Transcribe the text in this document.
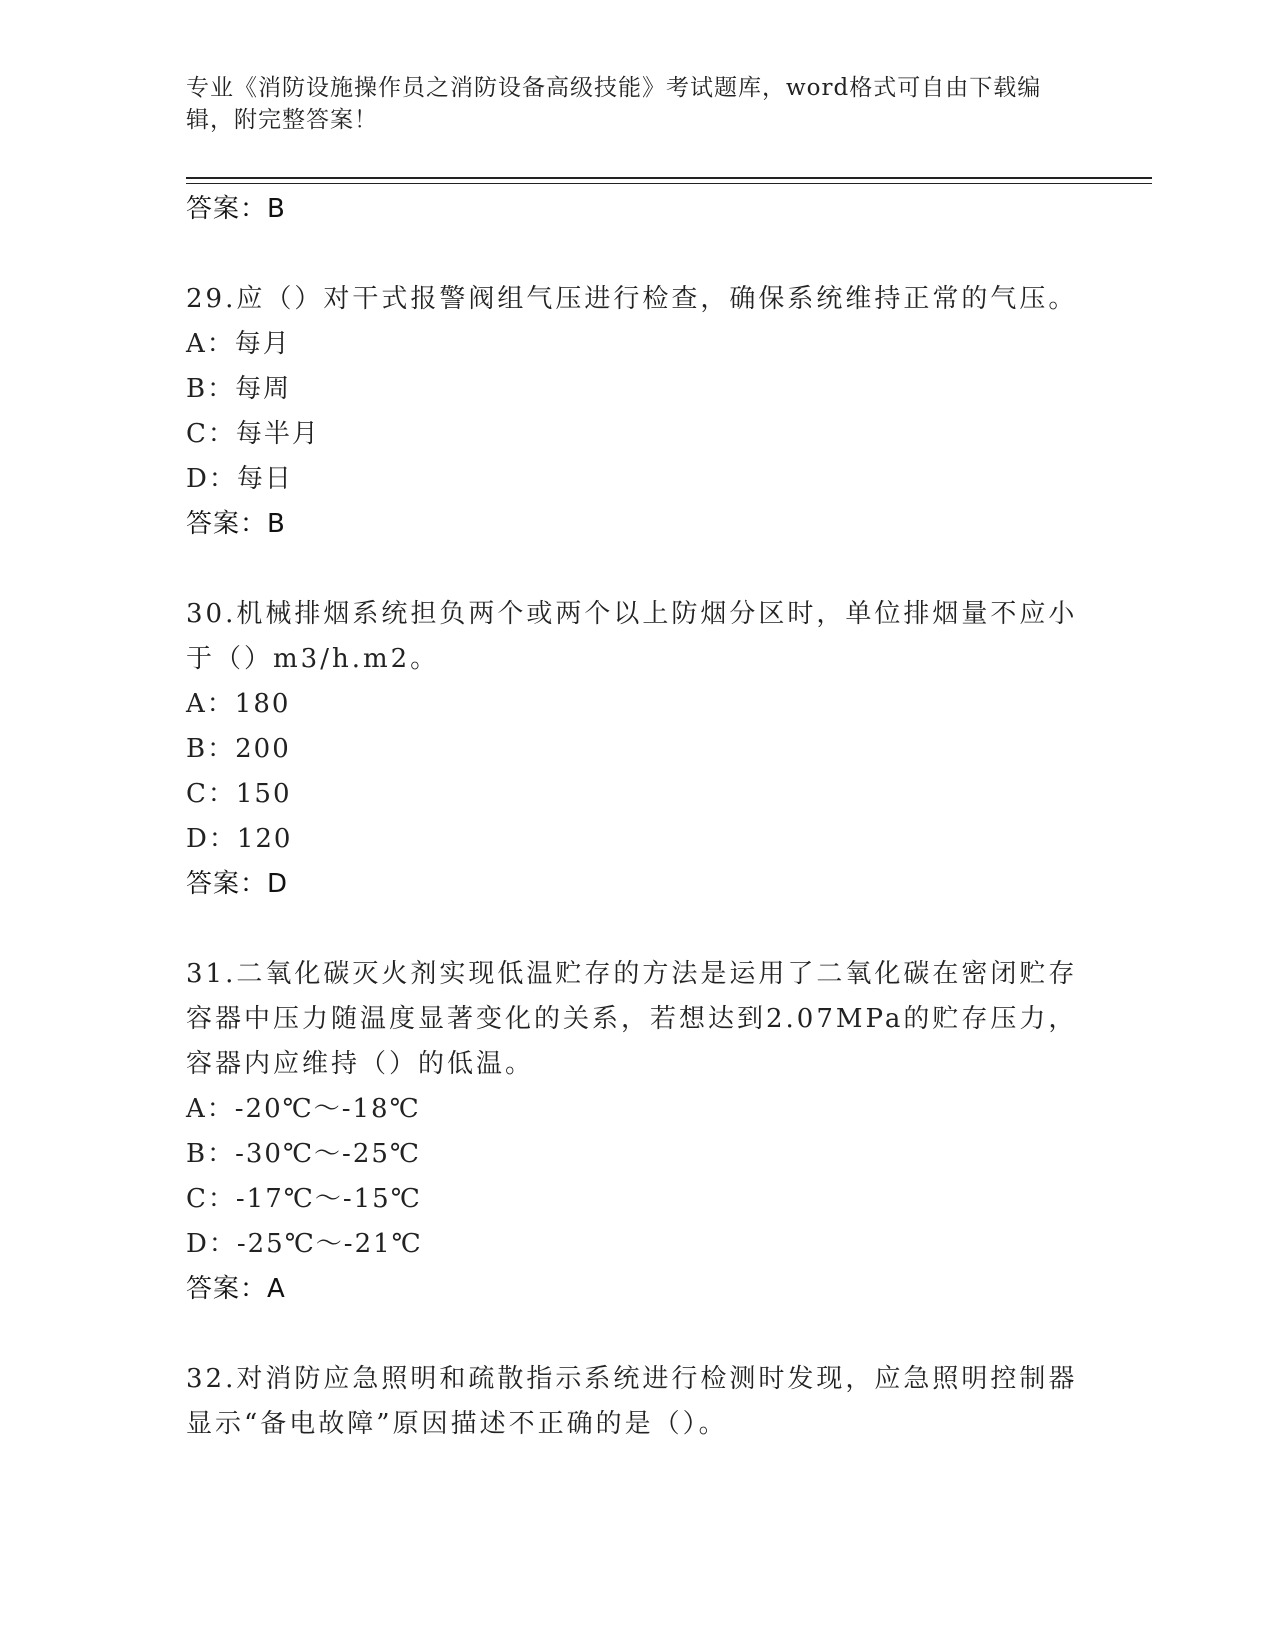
专业《消防设施操作员之消防设备高级技能》考试题库，word格式可自由下载编辑，附完整答案！
答案：B
29.应（）对干式报警阀组气压进行检查，确保系统维持正常的气压。
A：每月
B：每周
C：每半月
D：每日
答案：B
30.机械排烟系统担负两个或两个以上防烟分区时，单位排烟量不应小于（）m3/h.m2。
A：180
B：200
C：150
D：120
答案：D
31.二氧化碳灭火剂实现低温贮存的方法是运用了二氧化碳在密闭贮存容器中压力随温度显著变化的关系，若想达到2.07MPa的贮存压力，容器内应维持（）的低温。
A：-20℃～-18℃
B：-30℃～-25℃
C：-17℃～-15℃
D：-25℃～-21℃
答案：A
32.对消防应急照明和疏散指示系统进行检测时发现，应急照明控制器显示“备电故障”原因描述不正确的是（）。
